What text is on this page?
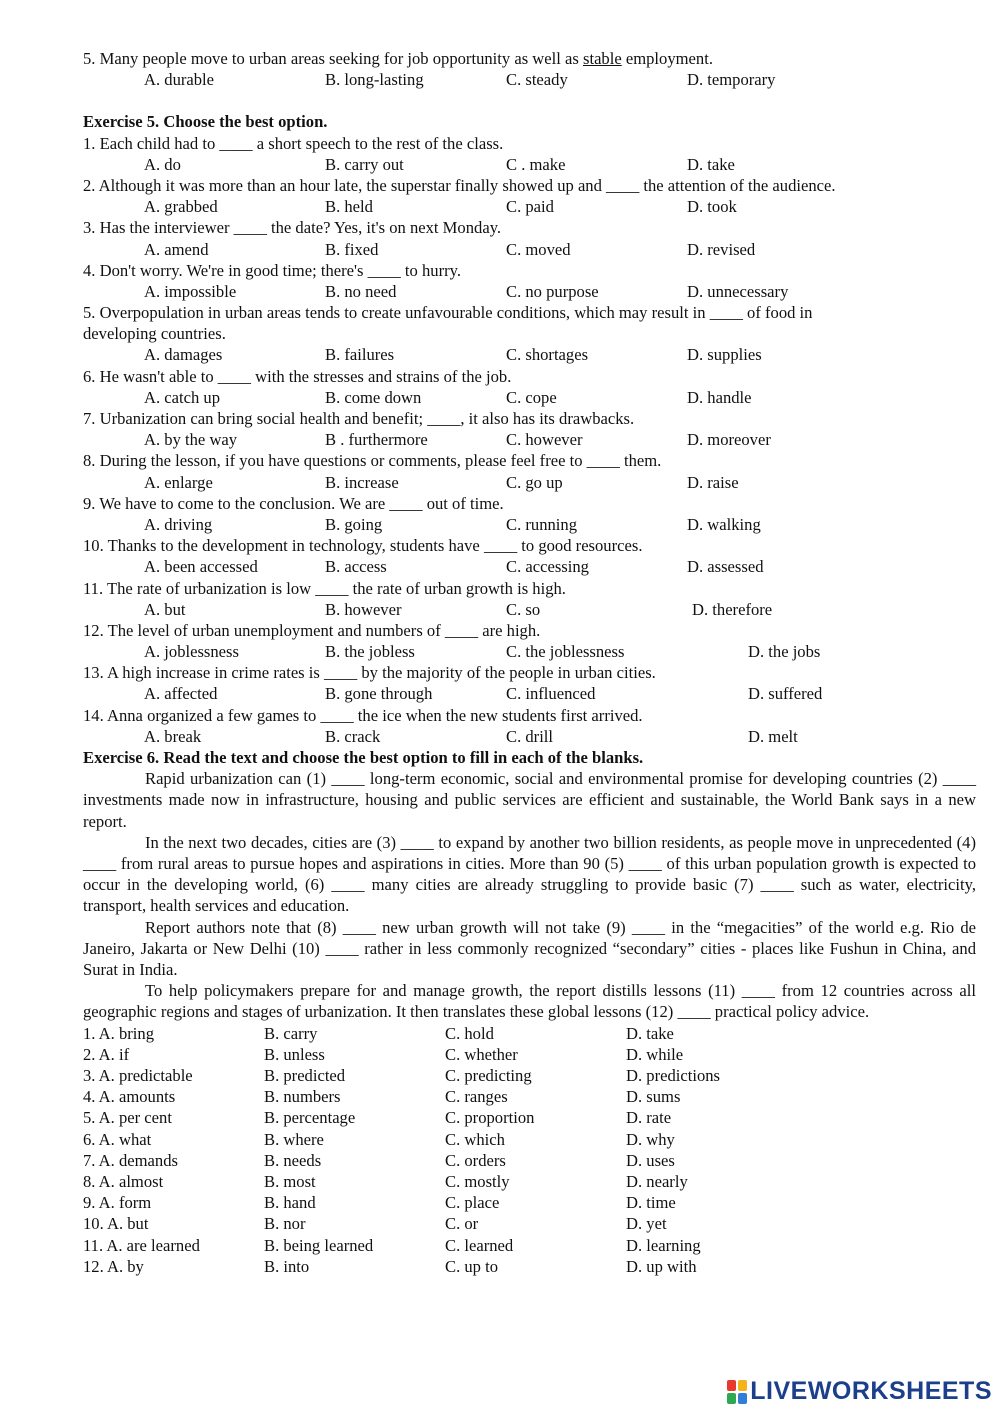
5. Many people move to urban areas seeking for job opportunity as well as stable employment.
A. durable	B. long-lasting	C. steady	D. temporary
Exercise 5. Choose the best option.
1. Each child had to ____ a short speech to the rest of the class.
A. do	B. carry out	C . make	D. take
2. Although it was more than an hour late, the superstar finally showed up and ____ the attention of the audience.
A. grabbed	B. held	C. paid	D. took
3. Has the interviewer ____ the date? Yes, it's on next Monday.
A. amend	B. fixed	C. moved	D. revised
4. Don't worry. We're in good time; there's ____ to hurry.
A. impossible	B. no need	C. no purpose	D. unnecessary
5. Overpopulation in urban areas tends to create unfavourable conditions, which may result in ____ of food in
developing countries.
A. damages	B. failures	C. shortages	D. supplies
6. He wasn't able to ____ with the stresses and strains of the job.
A. catch up	B. come down	C. cope	D. handle
7. Urbanization can bring social health and benefit; ____, it also has its drawbacks.
A. by the way	B . furthermore	C. however	D. moreover
8. During the lesson, if you have questions or comments, please feel free to ____ them.
A. enlarge	B. increase	C. go up	D. raise
9. We have to come to the conclusion. We are ____ out of time.
A. driving	B. going	C. running	D. walking
10. Thanks to the development in technology, students have ____ to good resources.
A. been accessed	B. access	C. accessing	D. assessed
11. The rate of urbanization is low ____ the rate of urban growth is high.
A. but	B. however	C. so	D. therefore
12. The level of urban unemployment and numbers of ____ are high.
A. joblessness	B. the jobless	C. the joblessness	D. the jobs
13. A high increase in crime rates is ____ by the majority of the people in urban cities.
A. affected	B. gone through	C. influenced	D. suffered
14. Anna organized a few games to ____ the ice when the new students first arrived.
A. break	B. crack	C. drill	D. melt
Exercise 6. Read the text and choose the best option to fill in each of the blanks.

Rapid urbanization can (1) ____ long-term economic, social and environmental promise for developing countries (2) ____ investments made now in infrastructure, housing and public services are efficient and sustainable, the World Bank says in a new report.

In the next two decades, cities are (3) ____ to expand by another two billion residents, as people move in unprecedented (4) ____ from rural areas to pursue hopes and aspirations in cities. More than 90 (5) ____ of this urban population growth is expected to occur in the developing world, (6) ____ many cities are already struggling to provide basic (7) ____ such as water, electricity, transport, health services and education.

Report authors note that (8) ____ new urban growth will not take (9) ____ in the “megacities” of the world e.g. Rio de Janeiro, Jakarta or New Delhi (10) ____ rather in less commonly recognized “secondary” cities - places like Fushun in China, and Surat in India.

To help policymakers prepare for and manage growth, the report distills lessons (11) ____ from 12 countries across all geographic regions and stages of urbanization. It then translates these global lessons (12) ____ practical policy advice.

1. A. bring	B. carry	C. hold	D. take
2. A. if	B. unless	C. whether	D. while
3. A. predictable	B. predicted	C. predicting	D. predictions
4. A. amounts	B. numbers	C. ranges	D. sums
5. A. per cent	B. percentage	C. proportion	D. rate
6. A. what	B. where	C. which	D. why
7. A. demands	B. needs	C. orders	D. uses
8. A. almost	B. most	C. mostly	D. nearly
9. A. form	B. hand	C. place	D. time
10. A. but	B. nor	C. or	D. yet
11. A. are learned	B. being learned	C. learned	D. learning
12. A. by	B. into	C. up to	D. up with
LIVEWORKSHEETS
